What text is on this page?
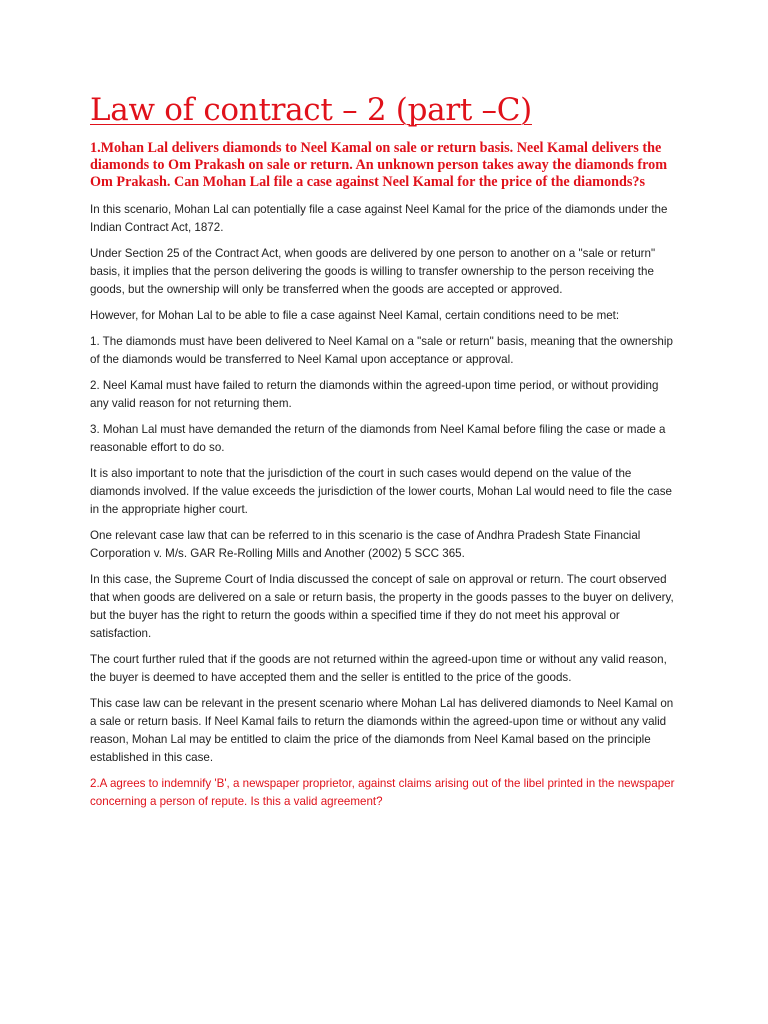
Law of contract – 2 (part –C)

1.Mohan Lal delivers diamonds to Neel Kamal on sale or return basis. Neel Kamal delivers the diamonds to Om Prakash on sale or return. An unknown person takes away the diamonds from Om Prakash. Can Mohan Lal file a case against Neel Kamal for the price of the diamonds?s

In this scenario, Mohan Lal can potentially file a case against Neel Kamal for the price of the diamonds under the Indian Contract Act, 1872.

Under Section 25 of the Contract Act, when goods are delivered by one person to another on a "sale or return" basis, it implies that the person delivering the goods is willing to transfer ownership to the person receiving the goods, but the ownership will only be transferred when the goods are accepted or approved.

However, for Mohan Lal to be able to file a case against Neel Kamal, certain conditions need to be met:

1. The diamonds must have been delivered to Neel Kamal on a "sale or return" basis, meaning that the ownership of the diamonds would be transferred to Neel Kamal upon acceptance or approval.

2. Neel Kamal must have failed to return the diamonds within the agreed-upon time period, or without providing any valid reason for not returning them.

3. Mohan Lal must have demanded the return of the diamonds from Neel Kamal before filing the case or made a reasonable effort to do so.

It is also important to note that the jurisdiction of the court in such cases would depend on the value of the diamonds involved. If the value exceeds the jurisdiction of the lower courts, Mohan Lal would need to file the case in the appropriate higher court.

One relevant case law that can be referred to in this scenario is the case of Andhra Pradesh State Financial Corporation v. M/s. GAR Re-Rolling Mills and Another (2002) 5 SCC 365.

In this case, the Supreme Court of India discussed the concept of sale on approval or return. The court observed that when goods are delivered on a sale or return basis, the property in the goods passes to the buyer on delivery, but the buyer has the right to return the goods within a specified time if they do not meet his approval or satisfaction.

The court further ruled that if the goods are not returned within the agreed-upon time or without any valid reason, the buyer is deemed to have accepted them and the seller is entitled to the price of the goods.

This case law can be relevant in the present scenario where Mohan Lal has delivered diamonds to Neel Kamal on a sale or return basis. If Neel Kamal fails to return the diamonds within the agreed-upon time or without any valid reason, Mohan Lal may be entitled to claim the price of the diamonds from Neel Kamal based on the principle established in this case.

2.A agrees to indemnify 'B', a newspaper proprietor, against claims arising out of the libel printed in the newspaper concerning a person of repute. Is this a valid agreement?
